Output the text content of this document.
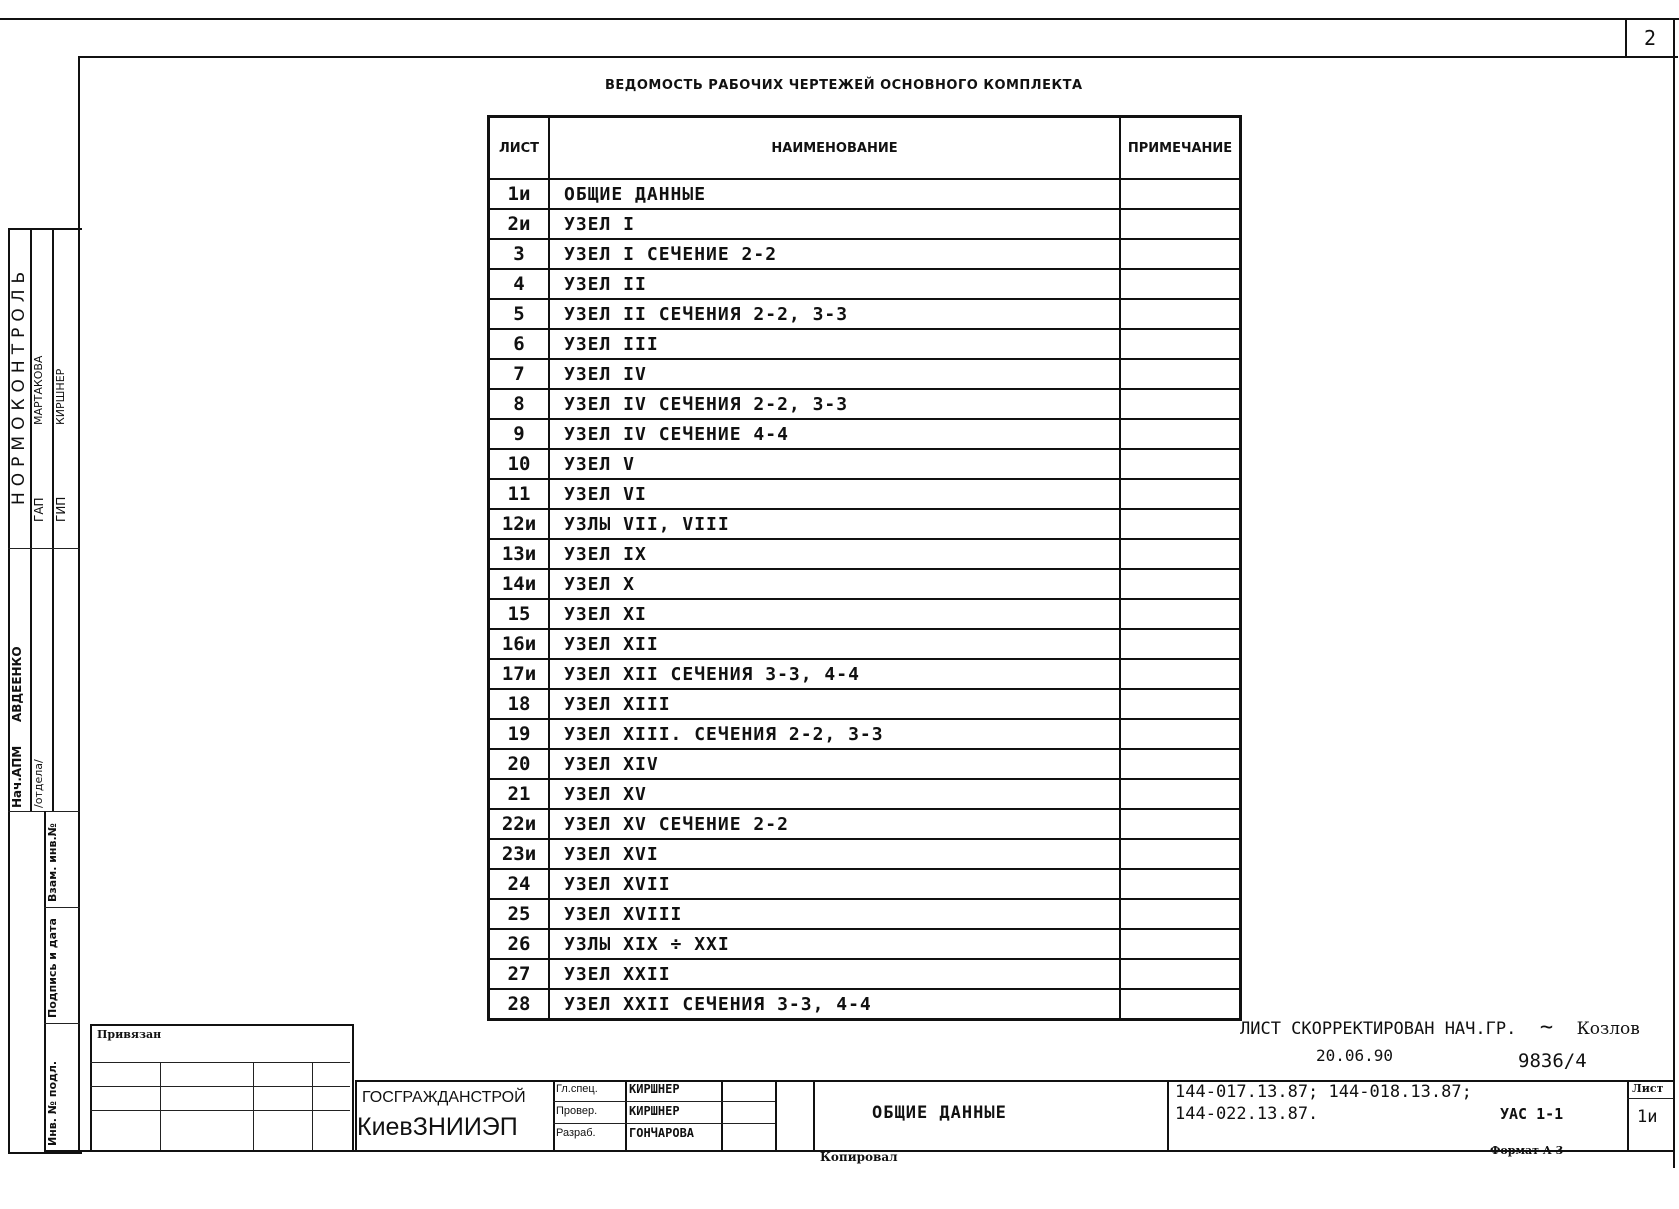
2
ВЕДОМОСТЬ РАБОЧИХ ЧЕРТЕЖЕЙ ОСНОВНОГО КОМПЛЕКТА
ЛИСТ	НАИМЕНОВАНИЕ	ПРИМЕЧАНИЕ
1и	ОБЩИЕ ДАННЫЕ	
2и	УЗЕЛ I	
3	УЗЕЛ I СЕЧЕНИЕ 2-2	
4	УЗЕЛ II	
5	УЗЕЛ II СЕЧЕНИЯ 2-2, 3-3	
6	УЗЕЛ III	
7	УЗЕЛ IV	
8	УЗЕЛ IV СЕЧЕНИЯ 2-2, 3-3	
9	УЗЕЛ IV СЕЧЕНИЕ 4-4	
10	УЗЕЛ V	
11	УЗЕЛ VI	
12и	УЗЛЫ VII, VIII	
13и	УЗЕЛ IX	
14и	УЗЕЛ X	
15	УЗЕЛ XI	
16и	УЗЕЛ XII	
17и	УЗЕЛ XII СЕЧЕНИЯ 3-3, 4-4	
18	УЗЕЛ XIII	
19	УЗЕЛ XIII. СЕЧЕНИЯ 2-2, 3-3	
20	УЗЕЛ XIV	
21	УЗЕЛ XV	
22и	УЗЕЛ XV СЕЧЕНИЕ 2-2	
23и	УЗЕЛ XVI	
24	УЗЕЛ XVII	
25	УЗЕЛ XVIII	
26	УЗЛЫ XIX ÷ XXI	
27	УЗЕЛ XXII	
28	УЗЕЛ XXII СЕЧЕНИЯ 3-3, 4-4	
НОРМОКОНТРОЛЬ
ГАП ГИП
МАРТАКОВА КИРШНЕР
Нач.АПМ /отдела/
АВДЕЕНКО
Взам. инв.№
Подпись и дата
Инв. № подл.
Привязан	ЛИСТ СКОРРЕКТИРОВАН НАЧ.ГР.  ~  Козлов
20.06.90	9836/4
ГОСГРАЖДАНСТРОЙ
КиевЗНИИЭП
Гл.спец.	КИРШНЕР
Провер.	КИРШНЕР
Разраб.	ГОНЧАРОВА
ОБЩИЕ ДАННЫЕ
144-017.13.87; 144-018.13.87;
144-022.13.87.	УАС 1-1
Лист
1и
Копировал	Формат А 3
